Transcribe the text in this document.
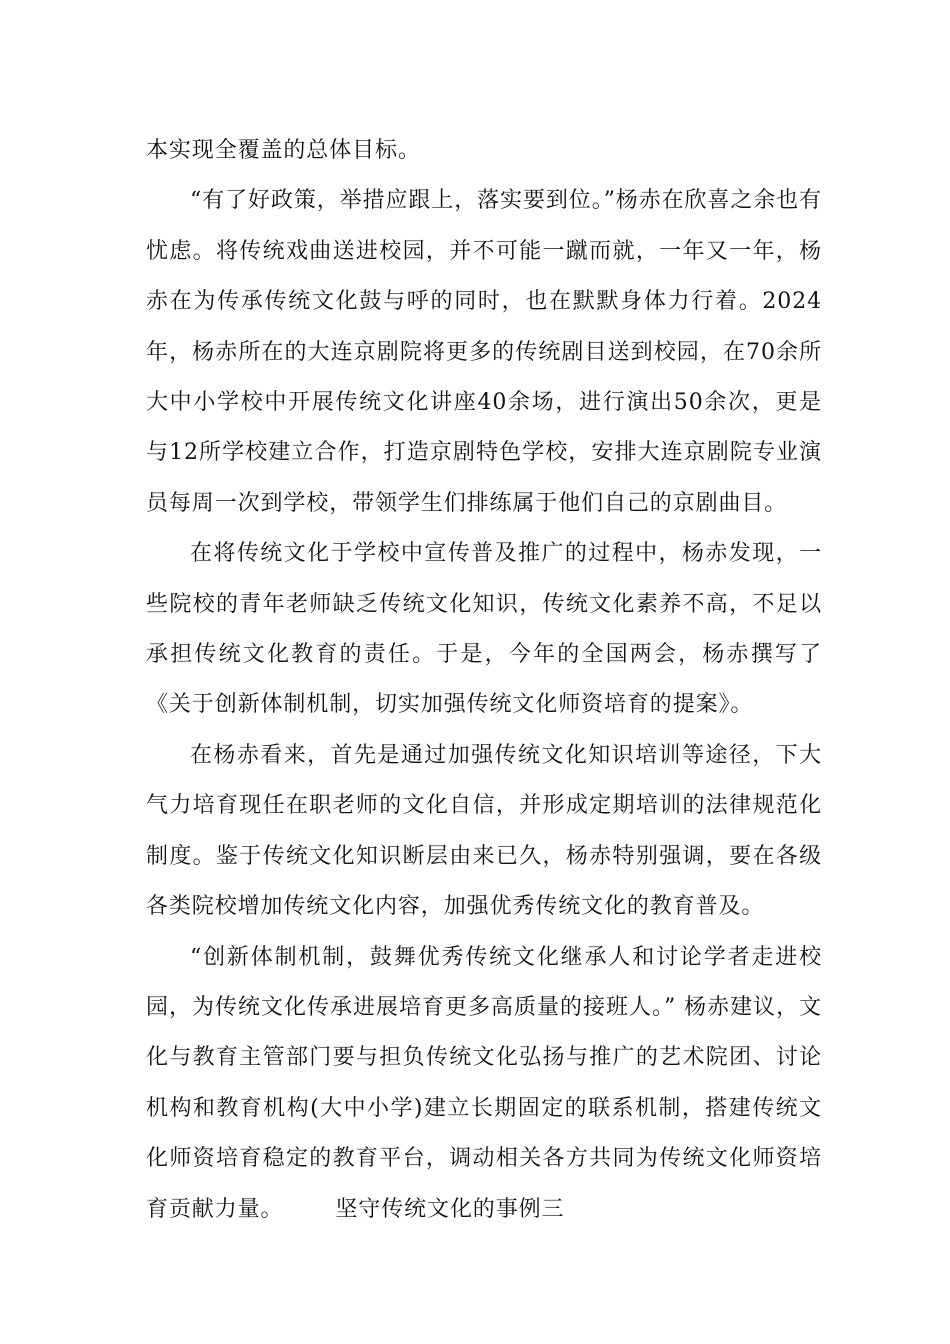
本实现全覆盖的总体目标。

“有了好政策，举措应跟上，落实要到位。”杨赤在欣喜之余也有忧虑。将传统戏曲送进校园，并不可能一蹴而就，一年又一年，杨赤在为传承传统文化鼓与呼的同时，也在默默身体力行着。2024年，杨赤所在的大连京剧院将更多的传统剧目送到校园，在70余所大中小学校中开展传统文化讲座40余场，进行演出50余次，更是与12所学校建立合作，打造京剧特色学校，安排大连京剧院专业演员每周一次到学校，带领学生们排练属于他们自己的京剧曲目。

在将传统文化于学校中宣传普及推广的过程中，杨赤发现，一些院校的青年老师缺乏传统文化知识，传统文化素养不高，不足以承担传统文化教育的责任。于是，今年的全国两会，杨赤撰写了《关于创新体制机制，切实加强传统文化师资培育的提案》。

在杨赤看来，首先是通过加强传统文化知识培训等途径，下大气力培育现任在职老师的文化自信，并形成定期培训的法律规范化制度。鉴于传统文化知识断层由来已久，杨赤特别强调，要在各级各类院校增加传统文化内容，加强优秀传统文化的教育普及。

“创新体制机制，鼓舞优秀传统文化继承人和讨论学者走进校园，为传统文化传承进展培育更多高质量的接班人。” 杨赤建议，文化与教育主管部门要与担负传统文化弘扬与推广的艺术院团、讨论机构和教育机构(大中小学)建立长期固定的联系机制，搭建传统文化师资培育稳定的教育平台，调动相关各方共同为传统文化师资培育贡献力量。 坚守传统文化的事例三
